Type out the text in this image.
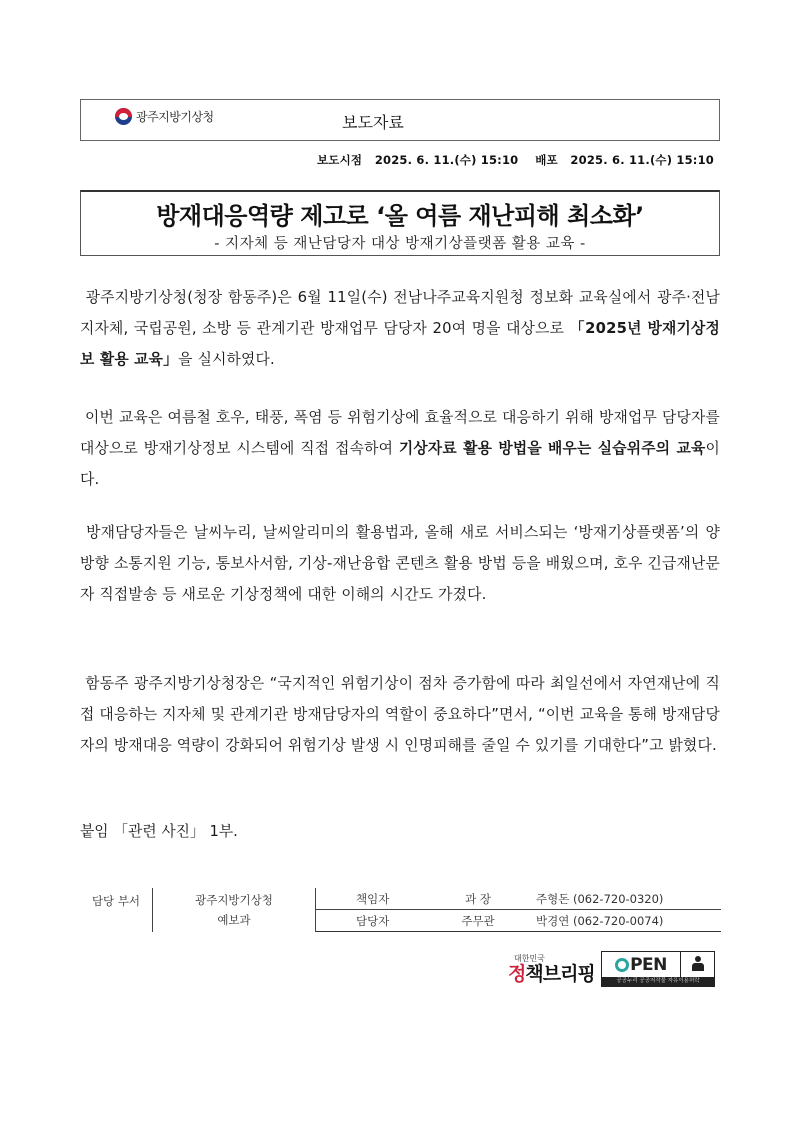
광주지방기상청	보도자료
보도시점   2025. 6. 11.(수) 15:10    배포   2025. 6. 11.(수) 15:10
방재대응역량 제고로 ‘올 여름 재난피해 최소화’
- 지자체 등 재난담당자 대상 방재기상플랫폼 활용 교육 -
광주지방기상청(청장 함동주)은 6월 11일(수) 전남나주교육지원청 정보화 교육실에서 광주·전남 지자체, 국립공원, 소방 등 관계기관 방재업무 담당자 20여 명을 대상으로 「2025년 방재기상정보 활용 교육」을 실시하였다.
이번 교육은 여름철 호우, 태풍, 폭염 등 위험기상에 효율적으로 대응하기 위해 방재업무 담당자를 대상으로 방재기상정보 시스템에 직접 접속하여 기상자료 활용 방법을 배우는 실습위주의 교육이다.
방재담당자들은 날씨누리, 날씨알리미의 활용법과, 올해 새로 서비스되는 ‘방재기상플랫폼’의 양방향 소통지원 기능, 통보사서함, 기상-재난융합 콘텐츠 활용 방법 등을 배웠으며, 호우 긴급재난문자 직접발송 등 새로운 기상정책에 대한 이해의 시간도 가졌다.
함동주 광주지방기상청장은 “국지적인 위험기상이 점차 증가함에 따라 최일선에서 자연재난에 직접 대응하는 지자체 및 관계기관 방재담당자의 역할이 중요하다”면서, “이번 교육을 통해 방재담당자의 방재대응 역량이 강화되어 위험기상 발생 시 인명피해를 줄일 수 있기를 기대한다”고 밝혔다.
붙임 「관련 사진」 1부.
담당 부서	광주지방기상청
예보과	책임자	과 장	주형돈 (062-720-0320)
		담당자	주무관	박경연 (062-720-0074)
대한민국
정책브리핑 PEN
공공누리 공공저작물 자유이용허락
